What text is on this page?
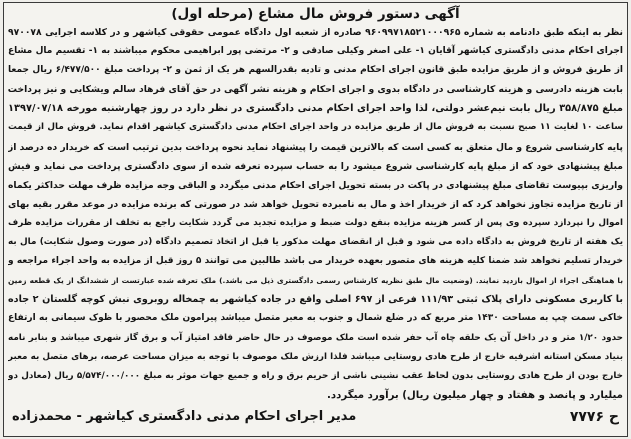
آگهی دستور فروش مال مشاع (مرحله اول)
نظر به اینکه طبق دادنامه به شماره ۹۶۰۹۹۷۱۸۵۲۱۰۰۰۹۶۵ صادره از شعبه اول دادگاه عمومی حقوقی کیاشهر و در کلاسه اجرایی ۹۷۰۰۷۸
اجرای احکام مدنی دادگستری کیاشهر آقایان ۱- علی اصغر وکیلی صادقی و ۲- مرتضی پور ابراهیمی محکوم میباشند به ۱- تقسیم مال مشاع
از طریق فروش و از طریق مزایده طبق قانون اجرای احکام مدنی و تادیه بقدرالسهم هر یک از ثمن و ۲- پرداخت مبلغ ۶/۴۷۷/۵۰۰ ریال جمعا
بابت هزینه دادرسی و هزینه کارشناسی در دادگاه بدوی و اجرای احکام و هزینه نشر آگهی در حق آقای فرهاد سالم ویشکایی و نیز پرداخت
مبلغ ۳۵۸/۸۷۵ ریال بابت نیم‌عشر دولتی، لذا واحد اجرای احکام مدنی دادگستری در نظر دارد در روز چهارشنبه مورخه ۱۳۹۷/۰۷/۱۸
ساعت ۱۰ لغایت ۱۱ صبح نسبت به فروش مال از طریق مزایده در واحد اجرای احکام مدنی دادگستری کیاشهر اقدام نماید. فروش مال از قیمت
پایه کارشناسی شروع و مال متعلق به کسی است که بالاترین قیمت را پیشنهاد نماید نحوه پرداخت بدین ترتیب است که خریدار ده درصد از
مبلغ پیشنهادی خود که از مبلغ پایه کارشناسی شروع میشود را به حساب سپرده تعرفه شده از سوی دادگستری پرداخت می نماید و فیش
واریزی بپیوست تقاضای مبلغ پیشنهادی در پاکت در بسته تحویل اجرای احکام مدنی میگردد و الباقی وجه مزایده ظرف مهلت حداکثر یکماه
از تاریخ مزایده تجاوز نخواهد کرد که از خریدار اخذ و مال به نامبرده تحویل خواهد شد در صورتی که برنده مزایده در موعد مقرر بقیه بهای
اموال را نپردازد سپرده وی پس از کسر هزینه مزایده بنفع دولت ضبط و مزایده تجدید می گردد شکایت راجع به تخلف از مقررات مزایده ظرف
یک هفته از تاریخ فروش به دادگاه داده می شود و قبل از انقضای مهلت مذکور یا قبل از اتخاذ تصمیم دادگاه (در صورت وصول شکایت) مال به
خریدار تسلیم نخواهد شد ضمنا کلیه هزینه های متصور بعهده خریدار می باشد طالبین می توانند ۵ روز قبل از مزایده به واحد اجراء مراجعه و
با هماهنگی اجراء از اموال بازدید نمایند. (وضعیت مال طبق نظریه کارشناس رسمی دادگستری ذیل می باشد.) ملک تعرفه شده عبارتست از ششدانگ از یک قطعه زمین
با کاربری مسکونی دارای پلاک ثبتی ۱۱۱/۹۳ فرعی از ۶۹۷ اصلی واقع در جاده کیاشهر به چمخاله روبروی نبش کوچه گلستان ۲ جاده
خاکی سمت چپ به مساحت ۱۴۳۰ متر مربع که در ضلع شمال و جنوب به معبر متصل میباشد پیرامون ملک محصور با ظوک سیمانی به ارتفاع
حدود ۱/۲۰ متر و در داخل آن یک حلقه چاه آب حفر شده است ملک موصوف در حال حاضر فاقد امتیاز آب و برق گاز شهری میباشد و بنابر نامه
بنیاد مسکن استانه اشرفیه خارج از طرح هادی روستایی میباشد فلذا ارزش ملک موصوف با توجه به میزان مساحت عرصه، برهای متصل به معبر
خارج بودن از طرح هادی روستایی بدون لحاظ عقب نشینی ناشی از حریم برق و راه و جمیع جهات موثر به مبلغ ۵/۵۷۴/۰۰۰/۰۰۰ ریال (معادل دو
میلیارد و پانصد و هفتاد و چهار میلیون ریال) برآورد میگردد.
ح ۷۷۷۶
مدیر اجرای احکام مدنی دادگستری کیاشهر - محمدزاده
